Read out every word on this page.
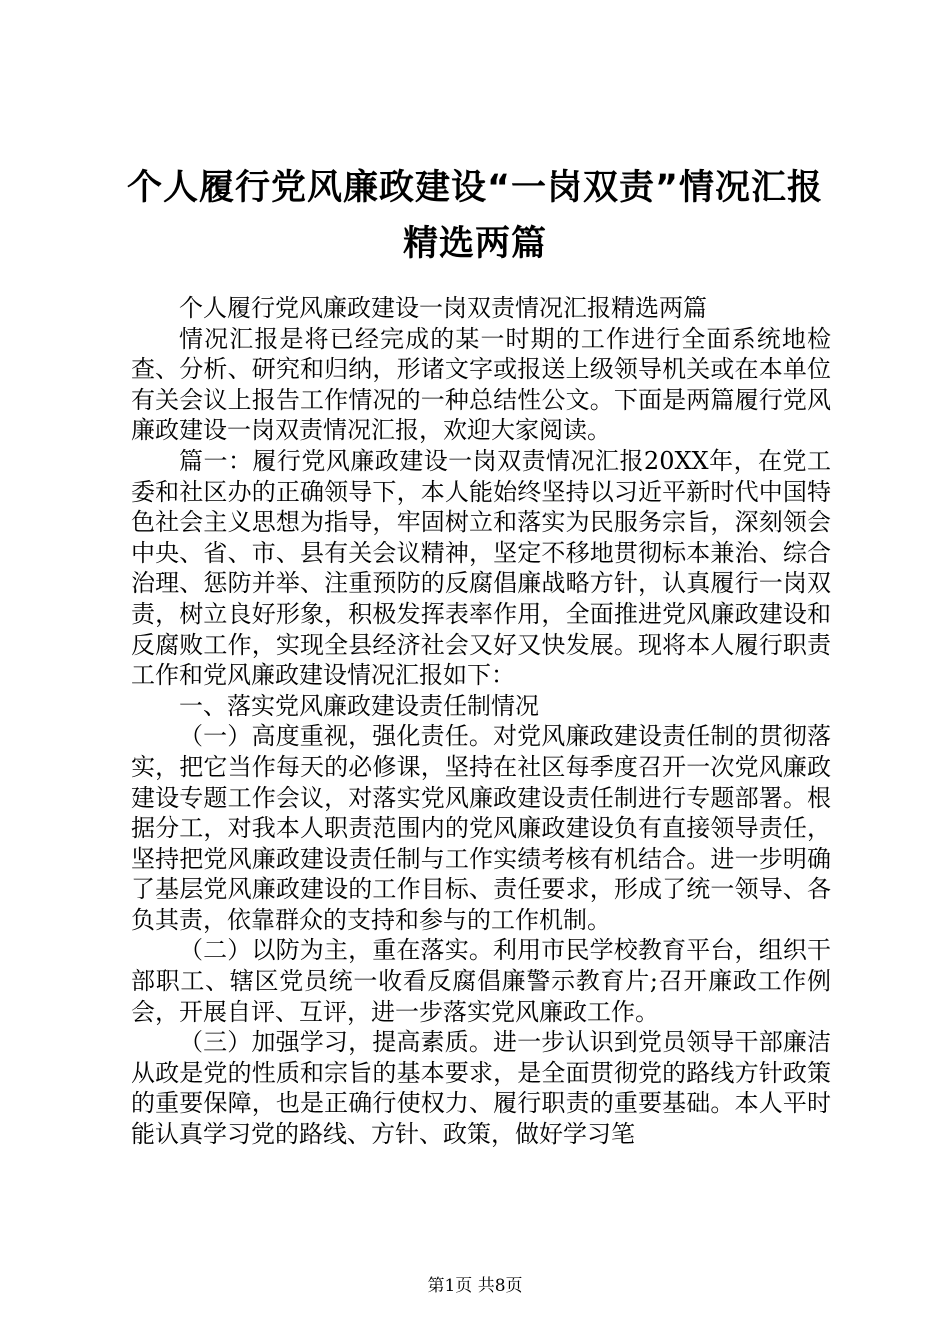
个人履行党风廉政建设“一岗双责”情况汇报
精选两篇

个人履行党风廉政建设一岗双责情况汇报精选两篇

情况汇报是将已经完成的某一时期的工作进行全面系统地检查、分析、研究和归纳，形诸文字或报送上级领导机关或在本单位有关会议上报告工作情况的一种总结性公文。下面是两篇履行党风廉政建设一岗双责情况汇报，欢迎大家阅读。

篇一：履行党风廉政建设一岗双责情况汇报20XX年，在党工委和社区办的正确领导下，本人能始终坚持以习近平新时代中国特色社会主义思想为指导，牢固树立和落实为民服务宗旨，深刻领会中央、省、市、县有关会议精神，坚定不移地贯彻标本兼治、综合治理、惩防并举、注重预防的反腐倡廉战略方针，认真履行一岗双责，树立良好形象，积极发挥表率作用，全面推进党风廉政建设和反腐败工作，实现全县经济社会又好又快发展。现将本人履行职责工作和党风廉政建设情况汇报如下：

一、落实党风廉政建设责任制情况

（一）高度重视，强化责任。对党风廉政建设责任制的贯彻落实，把它当作每天的必修课，坚持在社区每季度召开一次党风廉政建设专题工作会议，对落实党风廉政建设责任制进行专题部署。根据分工，对我本人职责范围内的党风廉政建设负有直接领导责任，坚持把党风廉政建设责任制与工作实绩考核有机结合。进一步明确了基层党风廉政建设的工作目标、责任要求，形成了统一领导、各负其责，依靠群众的支持和参与的工作机制。

（二）以防为主，重在落实。利用市民学校教育平台，组织干部职工、辖区党员统一收看反腐倡廉警示教育片;召开廉政工作例会，开展自评、互评，进一步落实党风廉政工作。

（三）加强学习，提高素质。进一步认识到党员领导干部廉洁从政是党的性质和宗旨的基本要求，是全面贯彻党的路线方针政策的重要保障，也是正确行使权力、履行职责的重要基础。本人平时能认真学习党的路线、方针、政策，做好学习笔

第1页 共8页
